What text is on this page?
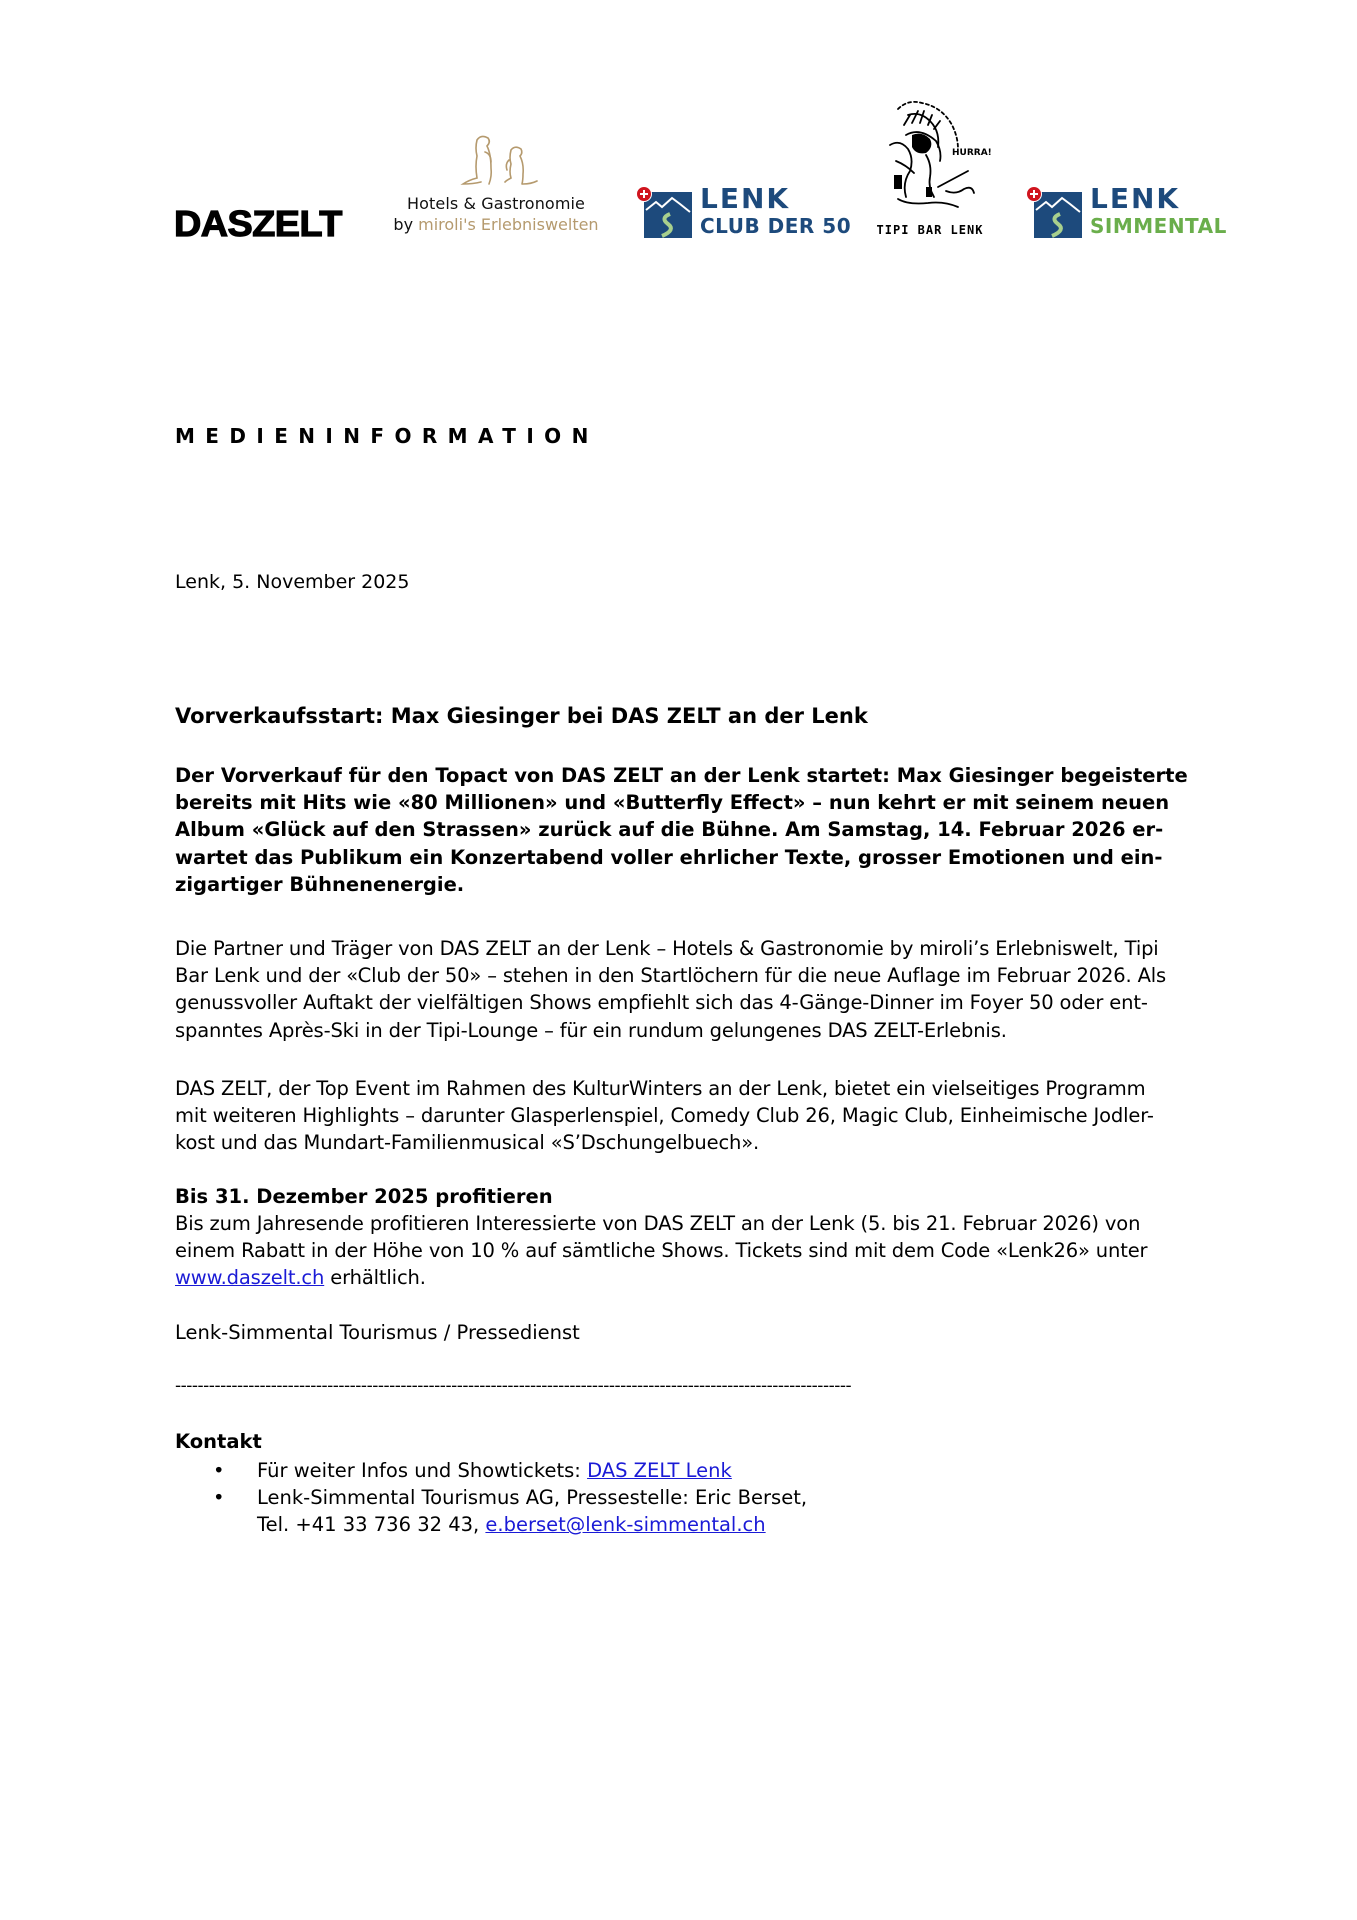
DASZELT	Hotels & Gastronomie
by miroli's Erlebniswelten
LENK
CLUB DER 50
HURRA!
TIPI BAR LENK
LENK
SIMMENTAL
MEDIENINFORMATION
Lenk, 5. November 2025
Vorverkaufsstart: Max Giesinger bei DAS ZELT an der Lenk
Der Vorverkauf für den Topact von DAS ZELT an der Lenk startet: Max Giesinger begeisterte
bereits mit Hits wie «80 Millionen» und «Butterfly Effect» – nun kehrt er mit seinem neuen
Album «Glück auf den Strassen» zurück auf die Bühne. Am Samstag, 14. Februar 2026 er-
wartet das Publikum ein Konzertabend voller ehrlicher Texte, grosser Emotionen und ein-
zigartiger Bühnenenergie.
Die Partner und Träger von DAS ZELT an der Lenk – Hotels & Gastronomie by miroli’s Erlebniswelt, Tipi
Bar Lenk und der «Club der 50» – stehen in den Startlöchern für die neue Auflage im Februar 2026. Als
genussvoller Auftakt der vielfältigen Shows empfiehlt sich das 4-Gänge-Dinner im Foyer 50 oder ent-
spanntes Après-Ski in der Tipi-Lounge – für ein rundum gelungenes DAS ZELT-Erlebnis.
DAS ZELT, der Top Event im Rahmen des KulturWinters an der Lenk, bietet ein vielseitiges Programm
mit weiteren Highlights – darunter Glasperlenspiel, Comedy Club 26, Magic Club, Einheimische Jodler-
kost und das Mundart-Familienmusical «S’Dschungelbuech».
Bis 31. Dezember 2025 profitieren
Bis zum Jahresende profitieren Interessierte von DAS ZELT an der Lenk (5. bis 21. Februar 2026) von
einem Rabatt in der Höhe von 10 % auf sämtliche Shows. Tickets sind mit dem Code «Lenk26» unter
www.daszelt.ch erhältlich.
Lenk-Simmental Tourismus / Pressedienst
------------------------------------------------------------------------------------------------------------------------
Kontakt
• Für weiter Infos und Showtickets: DAS ZELT Lenk
• Lenk-Simmental Tourismus AG, Pressestelle: Eric Berset,
Tel. +41 33 736 32 43, e.berset@lenk-simmental.ch
